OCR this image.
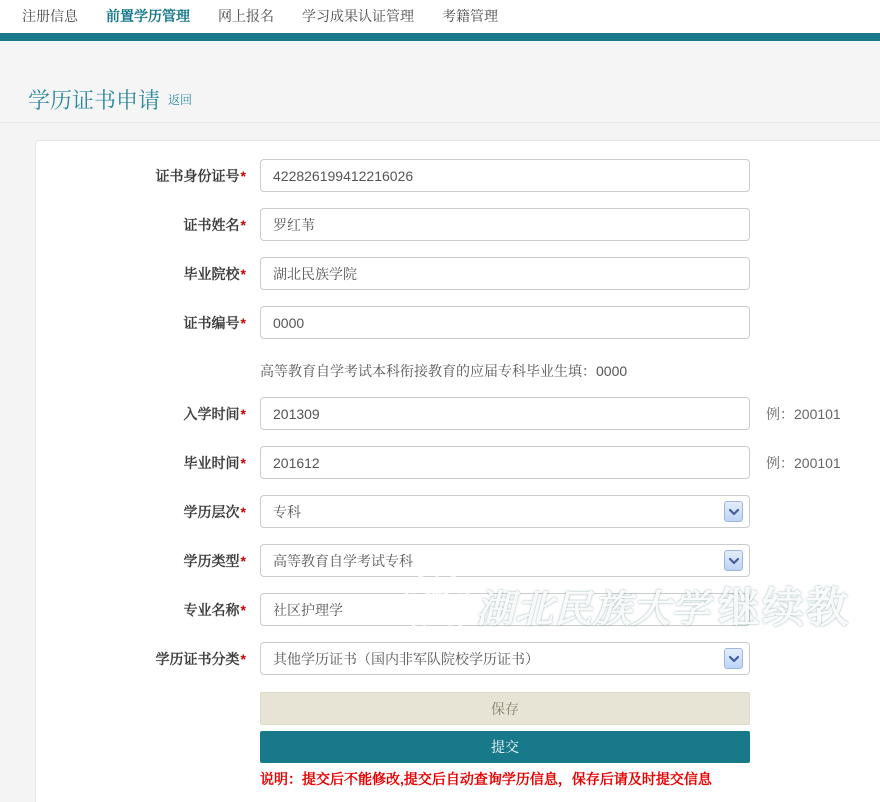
注册信息	前置学历管理	网上报名	学习成果认证管理	考籍管理
学历证书申请 返回
证书身份证号*
422826199412216026
证书姓名*
罗红苇
毕业院校*
湖北民族学院
证书编号*
0000
高等教育自学考试本科衔接教育的应届专科毕业生填：0000
入学时间*
201309	例：200101
毕业时间*
201612	例：200101
学历层次* 专科
学历类型* 高等教育自学考试专科
专业名称*
社区护理学
学历证书分类* 其他学历证书（国内非军队院校学历证书）
保存
提交
说明：提交后不能修改,提交后自动查询学历信息，保存后请及时提交信息
湖北民族大学 继续教
